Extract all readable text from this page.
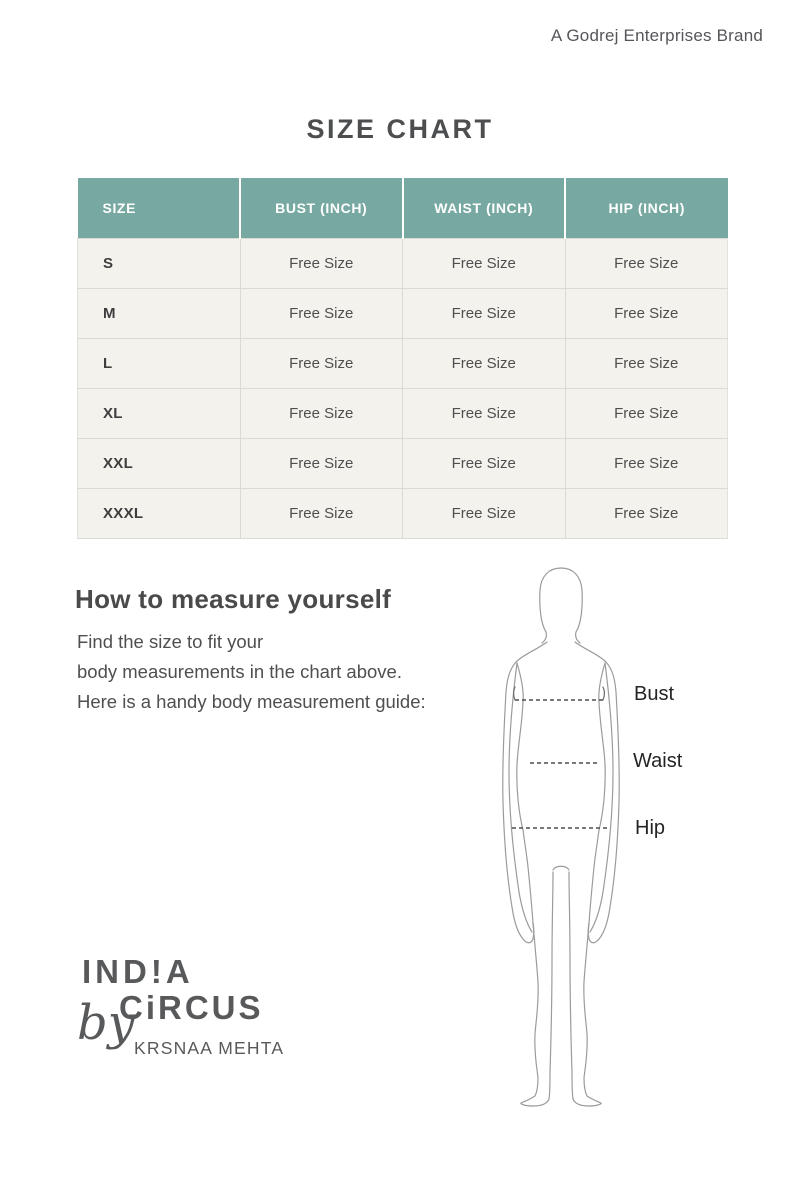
A Godrej Enterprises Brand
SIZE CHART
SIZE	BUST (INCH)	WAIST (INCH)	HIP (INCH)
S	Free Size	Free Size	Free Size
M	Free Size	Free Size	Free Size
L	Free Size	Free Size	Free Size
XL	Free Size	Free Size	Free Size
XXL	Free Size	Free Size	Free Size
XXXL	Free Size	Free Size	Free Size
How to measure yourself
Find the size to fit your
body measurements in the chart above.
Here is a handy body measurement guide:	Bust
Waist
Hip
IND!A
CiRCUS
by KRSNAA MEHTA
